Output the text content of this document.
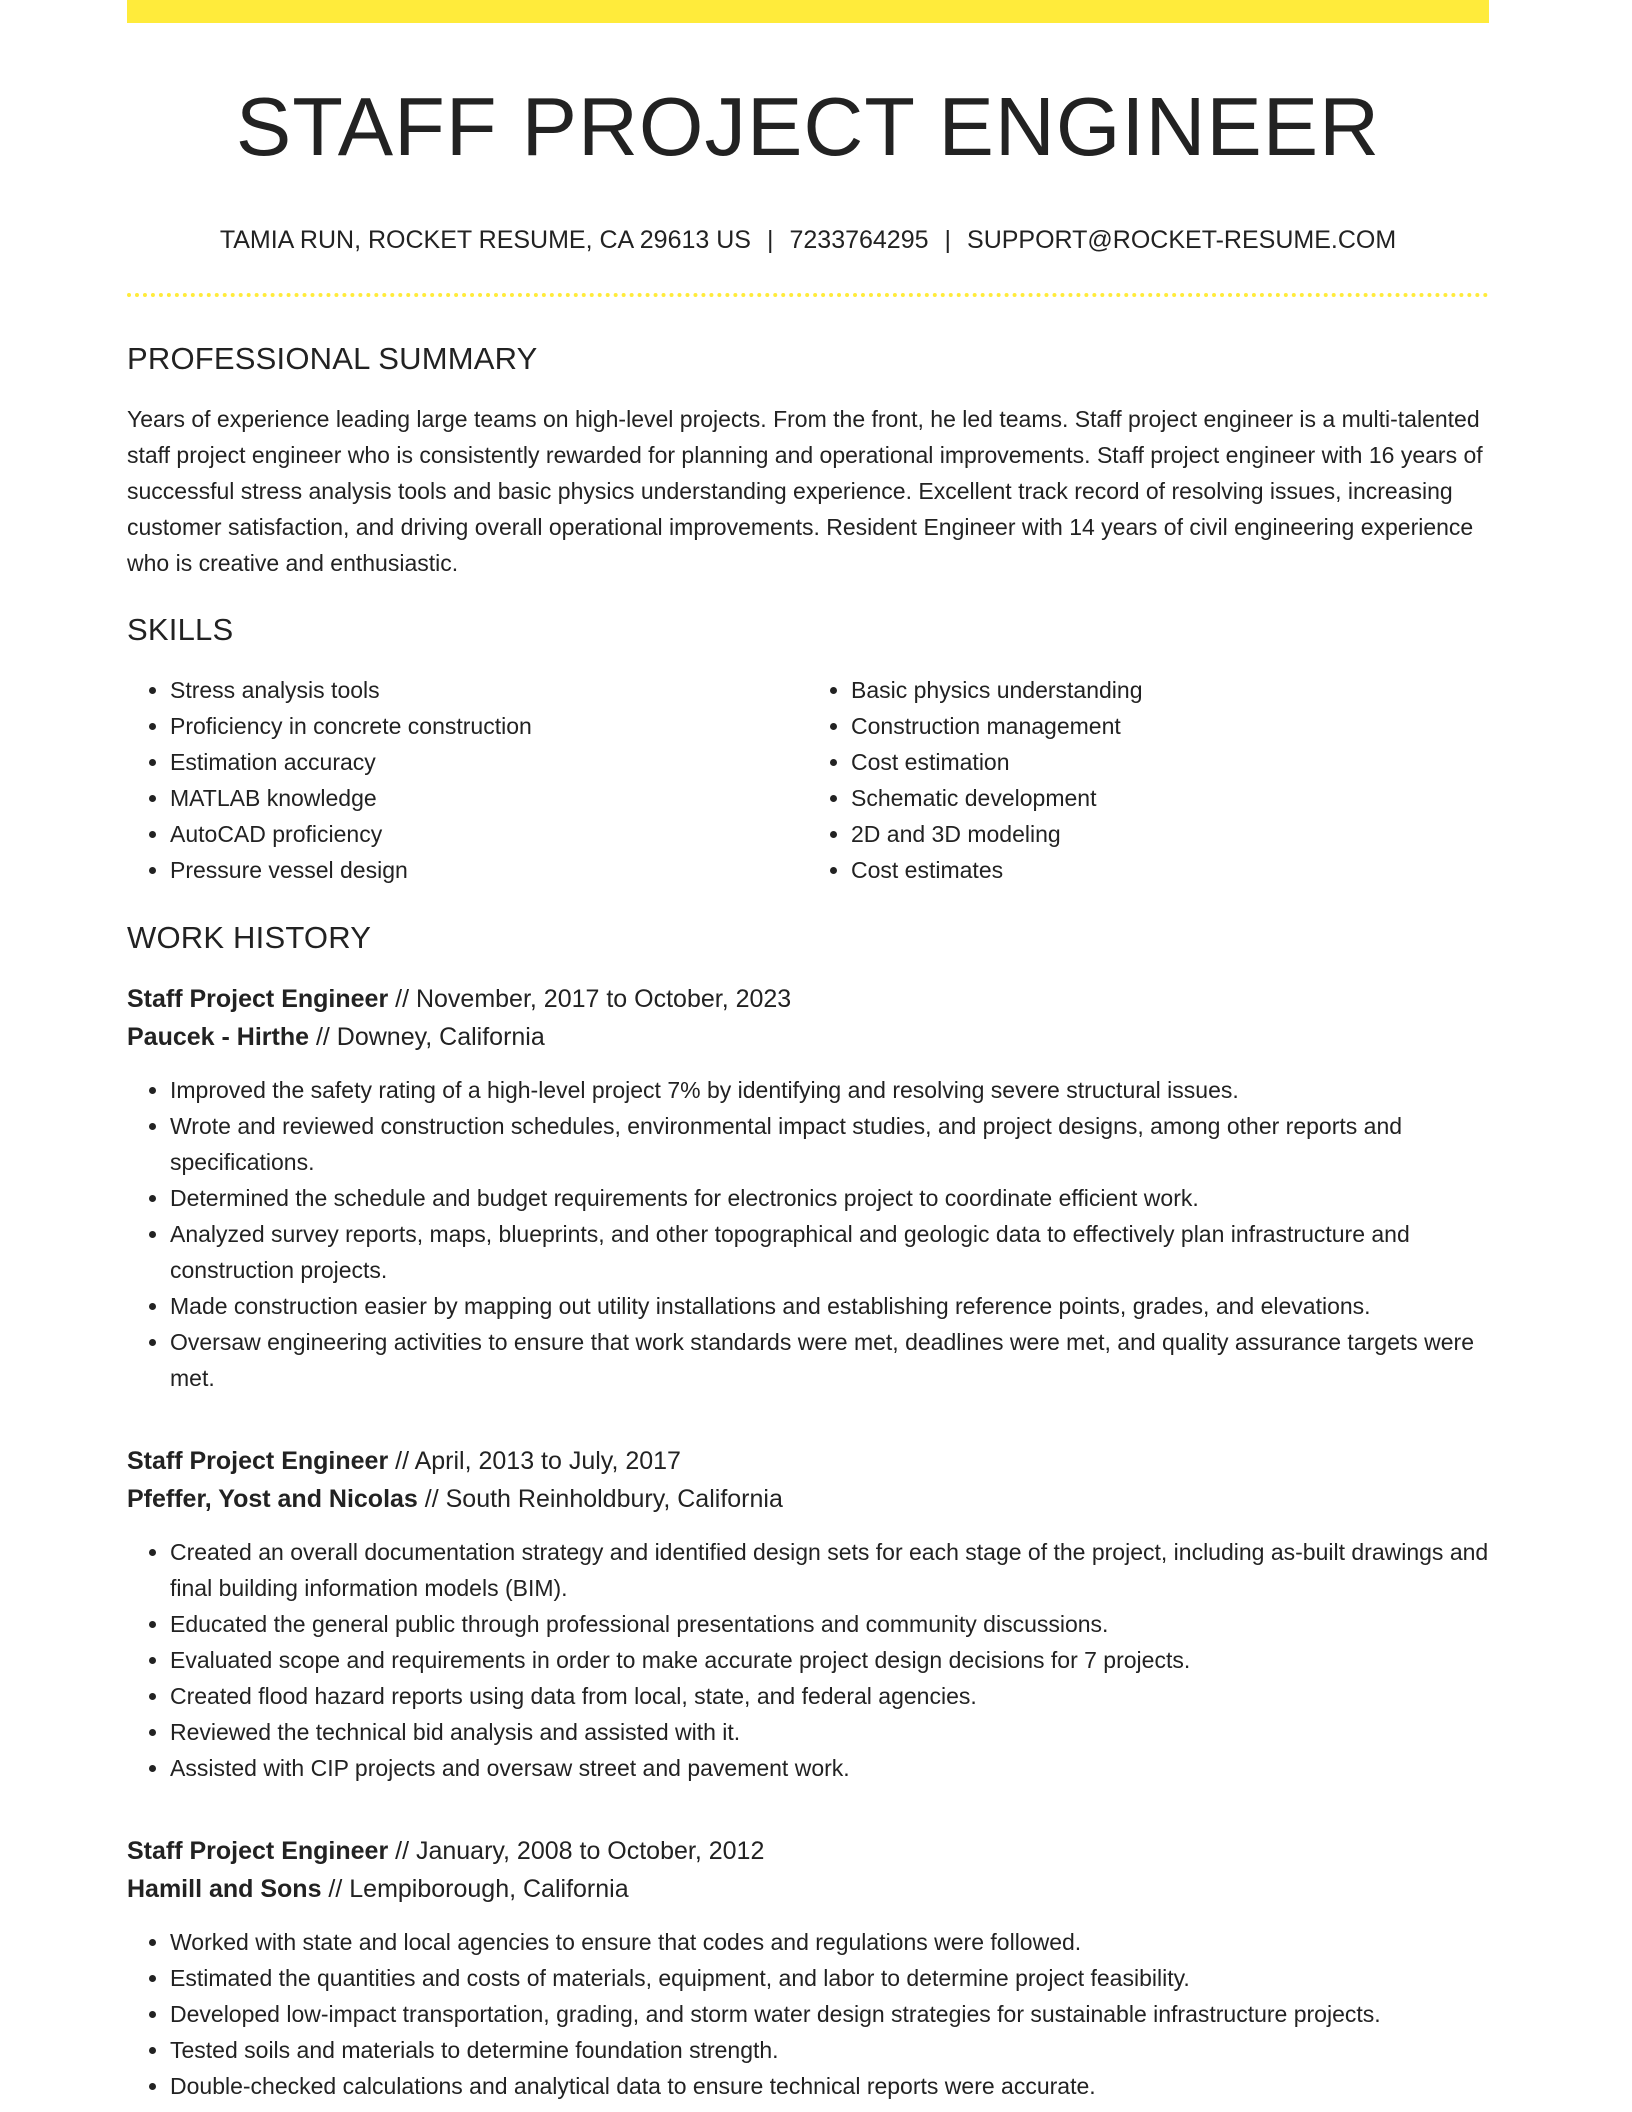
STAFF PROJECT ENGINEER
TAMIA RUN, ROCKET RESUME, CA 29613 US | 7233764295 | SUPPORT@ROCKET-RESUME.COM
PROFESSIONAL SUMMARY

Years of experience leading large teams on high-level projects. From the front, he led teams. Staff project engineer is a multi-talented staff project engineer who is consistently rewarded for planning and operational improvements. Staff project engineer with 16 years of successful stress analysis tools and basic physics understanding experience. Excellent track record of resolving issues, increasing customer satisfaction, and driving overall operational improvements. Resident Engineer with 14 years of civil engineering experience who is creative and enthusiastic.

SKILLS
• Stress analysis tools
• Proficiency in concrete construction
• Estimation accuracy
• MATLAB knowledge
• AutoCAD proficiency
• Pressure vessel design
• Basic physics understanding
• Construction management
• Cost estimation
• Schematic development
• 2D and 3D modeling
• Cost estimates
WORK HISTORY
Staff Project Engineer // November, 2017 to October, 2023
Paucek - Hirthe // Downey, California
• Improved the safety rating of a high-level project 7% by identifying and resolving severe structural issues.
• Wrote and reviewed construction schedules, environmental impact studies, and project designs, among other reports and specifications.
• Determined the schedule and budget requirements for electronics project to coordinate efficient work.
• Analyzed survey reports, maps, blueprints, and other topographical and geologic data to effectively plan infrastructure and construction projects.
• Made construction easier by mapping out utility installations and establishing reference points, grades, and elevations.
• Oversaw engineering activities to ensure that work standards were met, deadlines were met, and quality assurance targets were met.
Staff Project Engineer // April, 2013 to July, 2017
Pfeffer, Yost and Nicolas // South Reinholdbury, California
• Created an overall documentation strategy and identified design sets for each stage of the project, including as-built drawings and final building information models (BIM).
• Educated the general public through professional presentations and community discussions.
• Evaluated scope and requirements in order to make accurate project design decisions for 7 projects.
• Created flood hazard reports using data from local, state, and federal agencies.
• Reviewed the technical bid analysis and assisted with it.
• Assisted with CIP projects and oversaw street and pavement work.
Staff Project Engineer // January, 2008 to October, 2012
Hamill and Sons // Lempiborough, California
• Worked with state and local agencies to ensure that codes and regulations were followed.
• Estimated the quantities and costs of materials, equipment, and labor to determine project feasibility.
• Developed low-impact transportation, grading, and storm water design strategies for sustainable infrastructure projects.
• Tested soils and materials to determine foundation strength.
• Double-checked calculations and analytical data to ensure technical reports were accurate.
